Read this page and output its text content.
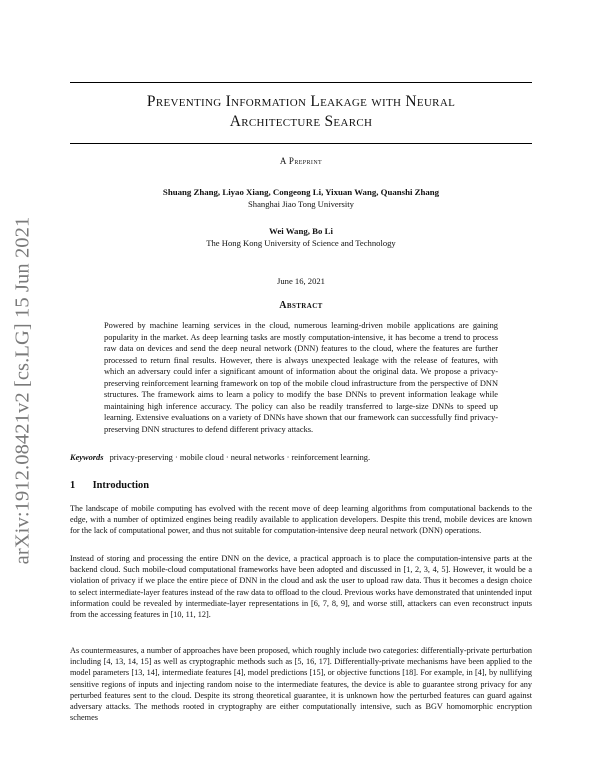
arXiv:1912.08421v2 [cs.LG] 15 Jun 2021
Preventing Information Leakage with Neural
Architecture Search
A Preprint
Shuang Zhang, Liyao Xiang, Congeong Li, Yixuan Wang, Quanshi Zhang
Shanghai Jiao Tong University
Wei Wang, Bo Li
The Hong Kong University of Science and Technology
June 16, 2021
Abstract

Powered by machine learning services in the cloud, numerous learning-driven mobile applications are gaining popularity in the market. As deep learning tasks are mostly computation-intensive, it has become a trend to process raw data on devices and send the deep neural network (DNN) features to the cloud, where the features are further processed to return final results. However, there is always unexpected leakage with the release of features, with which an adversary could infer a significant amount of information about the original data. We propose a privacy-preserving reinforcement learning framework on top of the mobile cloud infrastructure from the perspective of DNN structures. The framework aims to learn a policy to modify the base DNNs to prevent information leakage while maintaining high inference accuracy. The policy can also be readily transferred to large-size DNNs to speed up learning. Extensive evaluations on a variety of DNNs have shown that our framework can successfully find privacy-preserving DNN structures to defend different privacy attacks.

Keywords privacy-preserving · mobile cloud · neural networks · reinforcement learning.
1 Introduction

The landscape of mobile computing has evolved with the recent move of deep learning algorithms from computational backends to the edge, with a number of optimized engines being readily available to application developers. Despite this trend, mobile devices are known for the lack of computational power, and thus not suitable for computation-intensive deep neural network (DNN) operations.

Instead of storing and processing the entire DNN on the device, a practical approach is to place the computation-intensive parts at the backend cloud. Such mobile-cloud computational frameworks have been adopted and discussed in [1, 2, 3, 4, 5]. However, it would be a violation of privacy if we place the entire piece of DNN in the cloud and ask the user to upload raw data. Thus it becomes a design choice to select intermediate-layer features instead of the raw data to offload to the cloud. Previous works have demonstrated that unintended input information could be revealed by intermediate-layer representations in [6, 7, 8, 9], and worse still, attackers can even reconstruct inputs from the accessing features in [10, 11, 12].

As countermeasures, a number of approaches have been proposed, which roughly include two categories: differentially-private perturbation including [4, 13, 14, 15] as well as cryptographic methods such as [5, 16, 17]. Differentially-private mechanisms have been applied to the model parameters [13, 14], intermediate features [4], model predictions [15], or objective functions [18]. For example, in [4], by nullifying sensitive regions of inputs and injecting random noise to the intermediate features, the device is able to guarantee strong privacy for any perturbed features sent to the cloud. Despite its strong theoretical guarantee, it is unknown how the perturbed features can guard against adversary attacks. The methods rooted in cryptography are either computationally intensive, such as BGV homomorphic encryption schemes
